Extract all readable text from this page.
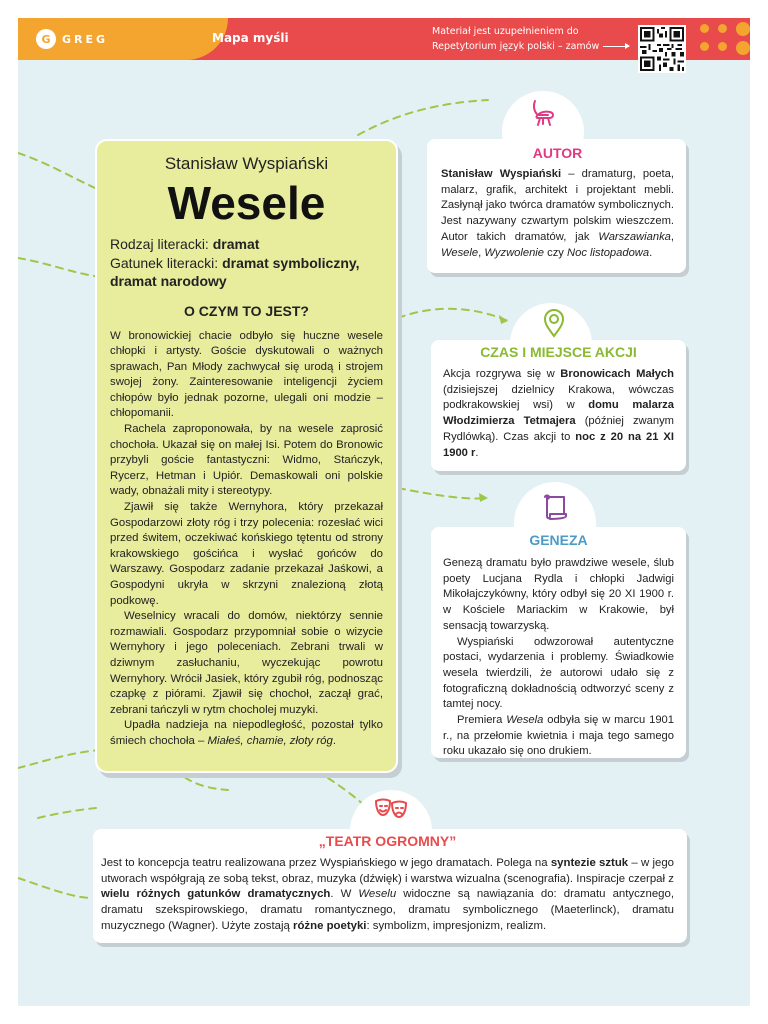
G	GREG	Mapa myśli	Materiał jest uzupełnieniem do
Repetytorium język polski – zamów
Stanisław Wyspiański
Wesele
Rodzaj literacki: dramat
Gatunek literacki: dramat symboliczny, dramat narodowy
O CZYM TO JEST?

W bronowickiej chacie odbyło się huczne wesele chłopki i artysty. Goście dyskutowali o ważnych sprawach, Pan Młody zachwycał się urodą i strojem swojej żony. Zainteresowanie inteligencji życiem chłopów było jednak pozorne, ulegali oni modzie – chłopomanii.

Rachela zaproponowała, by na wesele zaprosić chochoła. Ukazał się on małej Isi. Potem do Bronowic przybyli goście fantastyczni: Widmo, Stańczyk, Rycerz, Hetman i Upiór. Demaskowali oni polskie wady, obnażali mity i stereotypy.

Zjawił się także Wernyhora, który przekazał Gospodarzowi złoty róg i trzy polecenia: rozesłać wici przed świtem, oczekiwać końskiego tętentu od strony krakowskiego gościńca i wysłać gońców do Warszawy. Gospodarz zadanie przekazał Jaśkowi, a Gospodyni ukryła w skrzyni znalezioną złotą podkowę.

Weselnicy wracali do domów, niektórzy sennie rozmawiali. Gospodarz przypomniał sobie o wizycie Wernyhory i jego poleceniach. Zebrani trwali w dziwnym zasłuchaniu, wyczekując powrotu Wernyhory. Wrócił Jasiek, który zgubił róg, podnosząc czapkę z piórami. Zjawił się chochoł, zaczął grać, zebrani tańczyli w rytm chocholej muzyki.

Upadła nadzieja na niepodległość, pozostał tylko śmiech chochoła – Miałeś, chamie, złoty róg.

AUTOR
Stanisław Wyspiański – dramaturg, poeta, malarz, grafik, architekt i projektant mebli. Zasłynął jako twórca dramatów symbolicznych. Jest nazywany czwartym polskim wieszczem. Autor takich dramatów, jak Warszawianka, Wesele, Wyzwolenie czy Noc listopadowa.
CZAS I MIEJSCE AKCJI
Akcja rozgrywa się w Bronowicach Małych (dzisiejszej dzielnicy Krakowa, wówczas podkrakowskiej wsi) w domu malarza Włodzimierza Tetmajera (później zwanym Rydlówką). Czas akcji to noc z 20 na 21 XI 1900 r.
GENEZA

Genezą dramatu było prawdziwe wesele, ślub poety Lucjana Rydla i chłopki Jadwigi Mikołajczykówny, który odbył się 20 XI 1900 r. w Kościele Mariackim w Krakowie, był sensacją towarzyską.

Wyspiański odwzorował autentyczne postaci, wydarzenia i problemy. Świadkowie wesela twierdzili, że autorowi udało się z fotograficzną dokładnością odtworzyć sceny z tamtej nocy.

Premiera Wesela odbyła się w marcu 1901 r., na przełomie kwietnia i maja tego samego roku ukazało się ono drukiem.

„TEATR OGROMNY”
Jest to koncepcja teatru realizowana przez Wyspiańskiego w jego dramatach. Polega na syntezie sztuk – w jego utworach współgrają ze sobą tekst, obraz, muzyka (dźwięk) i warstwa wizualna (scenografia). Inspiracje czerpał z wielu różnych gatunków dramatycznych. W Weselu widoczne są nawiązania do: dramatu antycznego, dramatu szekspirowskiego, dramatu romantycznego, dramatu symbolicznego (Maeterlinck), dramatu muzycznego (Wagner). Użyte zostają różne poetyki: symbolizm, impresjonizm, realizm.
